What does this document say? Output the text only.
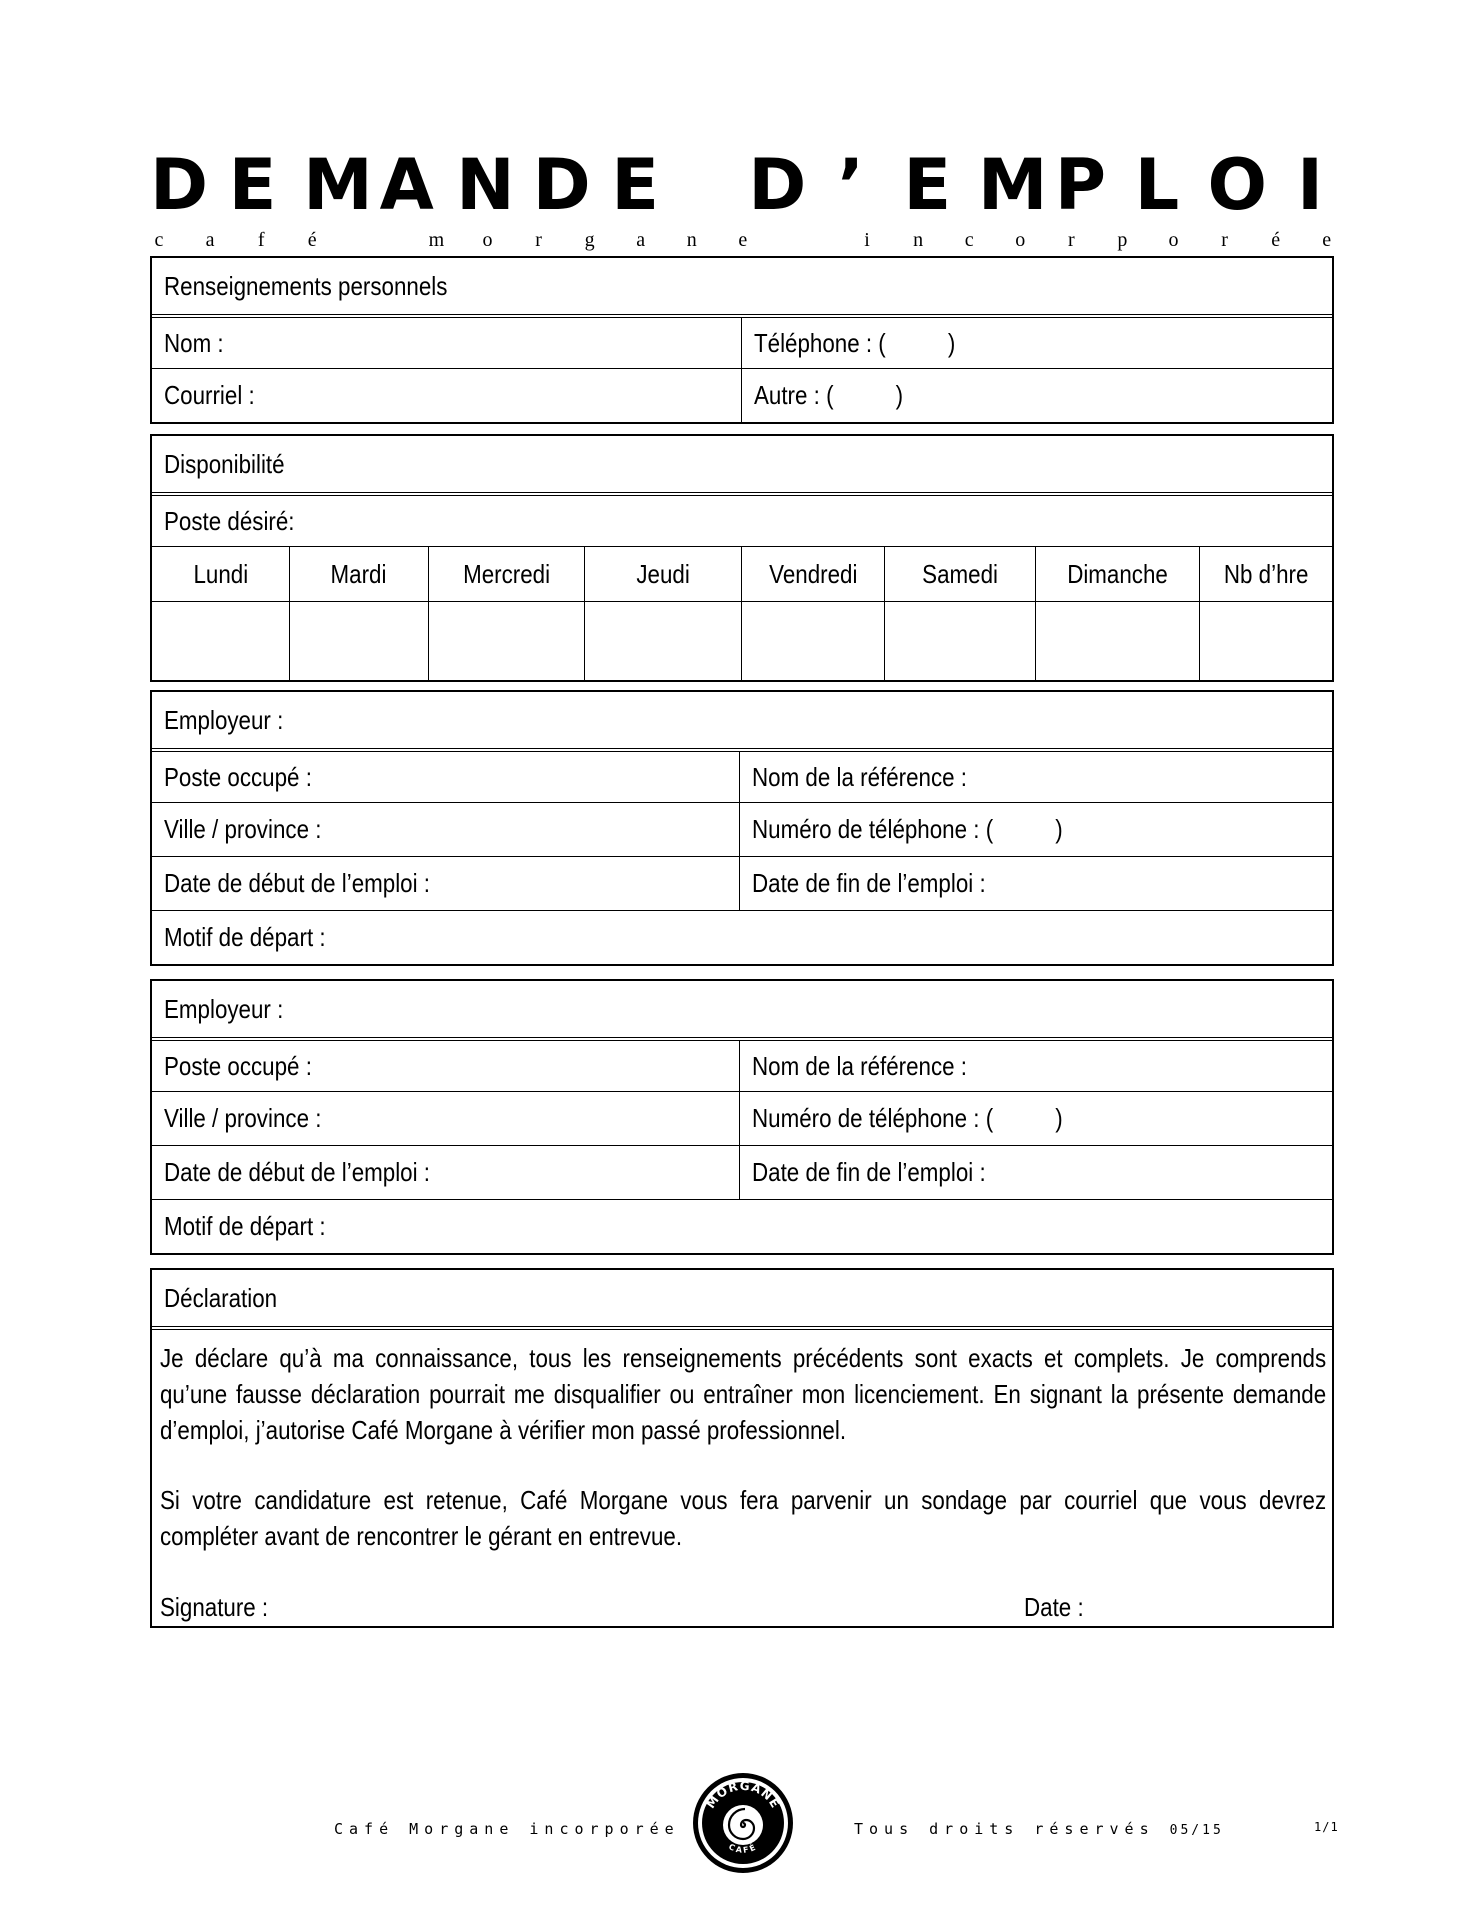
D E M A N D E D ’ E M P L O I
c a f é	m o r g a n e	i	n c o r p o r é e
Renseignements personnels
Nom :	Téléphone : (          )
Courriel :	Autre : (          )
Disponibilité
Poste désiré:
Lundi	Mardi	Mercredi	Jeudi	Vendredi Samedi	Dimanche Nb d’hre
Employeur :
Poste occupé :	Nom de la référence :
Ville / province :	Numéro de téléphone : (          )
Date de début de l’emploi :	Date de fin de l’emploi :
Motif de départ :
Employeur :
Poste occupé :	Nom de la référence :
Ville / province :	Numéro de téléphone : (          )
Date de début de l’emploi :	Date de fin de l’emploi :
Motif de départ :
Déclaration
Je déclare qu’à ma connaissance, tous les renseignements précédents sont exacts et complets. Je comprends qu’une fausse déclaration pourrait me disqualifier ou entraîner mon licenciement. En signant la présente demande d’emploi, j’autorise Café Morgane à vérifier mon passé professionnel.
Si votre candidature est retenue, Café Morgane vous fera parvenir un sondage par courriel que vous devrez compléter avant de rencontrer le gérant en entrevue.
Signature :	Date :
Café Morgane incorporée	Tous droits réservés 05/15	1/1
MORGANE
CAFÉ
